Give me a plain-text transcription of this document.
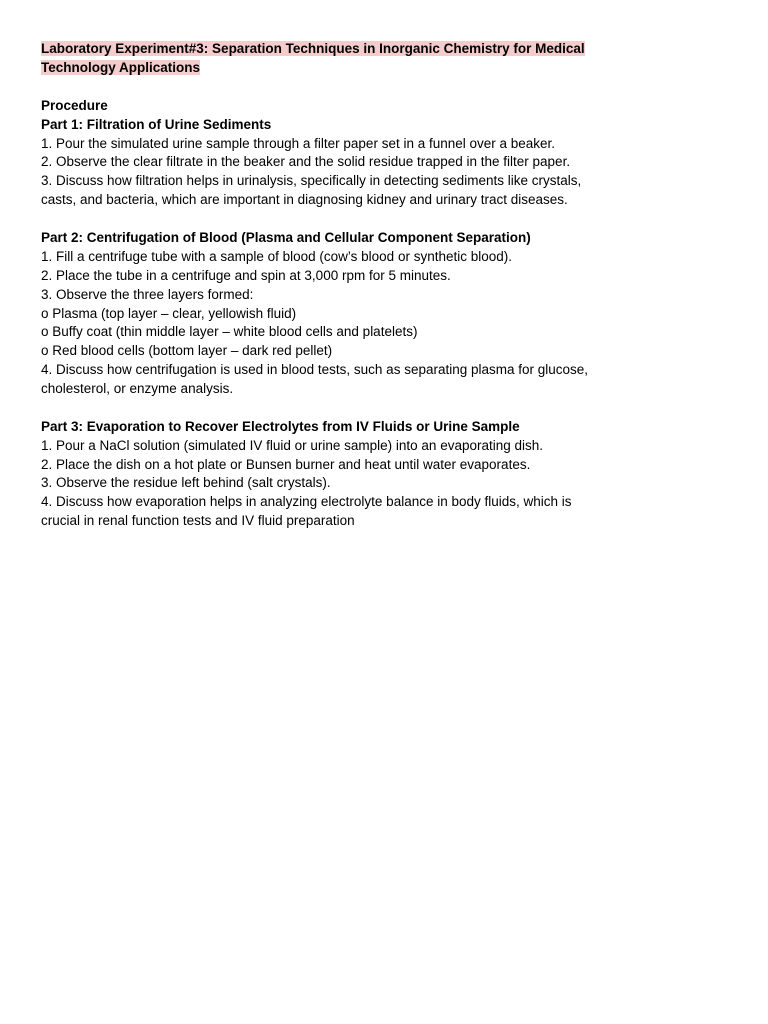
Laboratory Experiment#3: Separation Techniques in Inorganic Chemistry for Medical
Technology Applications
Procedure
Part 1: Filtration of Urine Sediments
1. Pour the simulated urine sample through a filter paper set in a funnel over a beaker.
2. Observe the clear filtrate in the beaker and the solid residue trapped in the filter paper.
3. Discuss how filtration helps in urinalysis, specifically in detecting sediments like crystals,
casts, and bacteria, which are important in diagnosing kidney and urinary tract diseases.
Part 2: Centrifugation of Blood (Plasma and Cellular Component Separation)
1. Fill a centrifuge tube with a sample of blood (cow’s blood or synthetic blood).
2. Place the tube in a centrifuge and spin at 3,000 rpm for 5 minutes.
3. Observe the three layers formed:
o Plasma (top layer – clear, yellowish fluid)
o Buffy coat (thin middle layer – white blood cells and platelets)
o Red blood cells (bottom layer – dark red pellet)
4. Discuss how centrifugation is used in blood tests, such as separating plasma for glucose,
cholesterol, or enzyme analysis.
Part 3: Evaporation to Recover Electrolytes from IV Fluids or Urine Sample
1. Pour a NaCl solution (simulated IV fluid or urine sample) into an evaporating dish.
2. Place the dish on a hot plate or Bunsen burner and heat until water evaporates.
3. Observe the residue left behind (salt crystals).
4. Discuss how evaporation helps in analyzing electrolyte balance in body fluids, which is
crucial in renal function tests and IV fluid preparation
